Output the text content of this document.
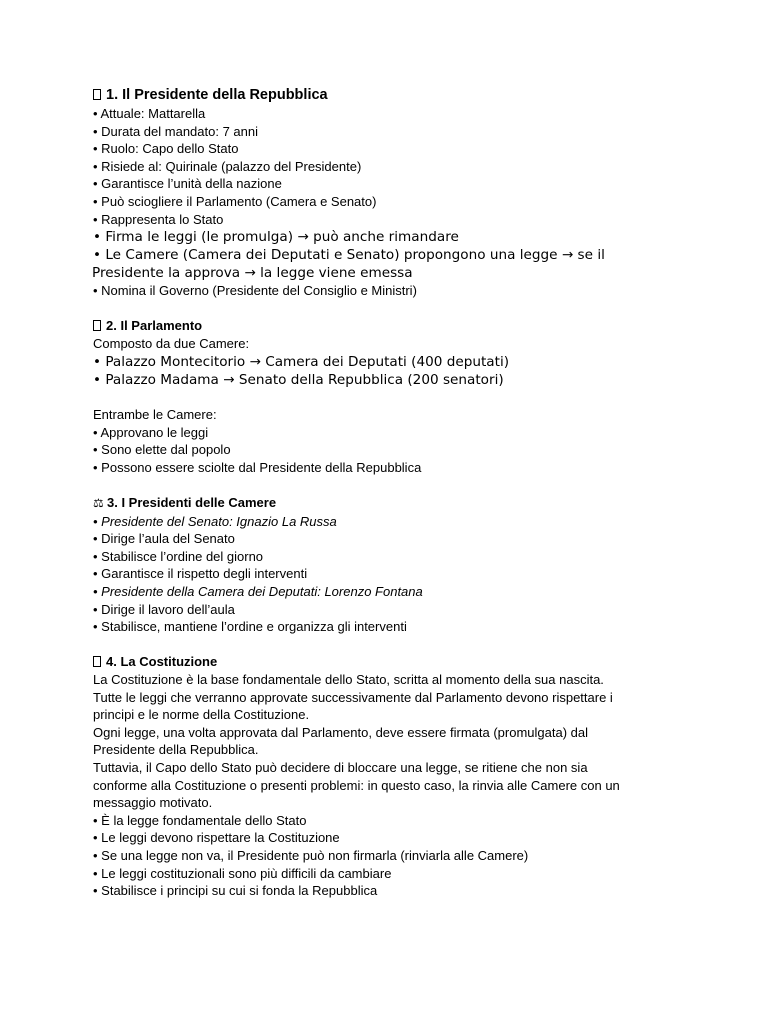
1. Il Presidente della Repubblica
• Attuale: Mattarella
• Durata del mandato: 7 anni
• Ruolo: Capo dello Stato
• Risiede al: Quirinale (palazzo del Presidente)
• Garantisce l’unità della nazione
• Può sciogliere il Parlamento (Camera e Senato)
• Rappresenta lo Stato
• Firma le leggi (le promulga) → può anche rimandare
• Le Camere (Camera dei Deputati e Senato) propongono una legge → se il
Presidente la approva → la legge viene emessa
• Nomina il Governo (Presidente del Consiglio e Ministri)
2. Il Parlamento
Composto da due Camere:
• Palazzo Montecitorio → Camera dei Deputati (400 deputati)
• Palazzo Madama → Senato della Repubblica (200 senatori)
Entrambe le Camere:
• Approvano le leggi
• Sono elette dal popolo
• Possono essere sciolte dal Presidente della Repubblica
⚖ 3. I Presidenti delle Camere
• Presidente del Senato: Ignazio La Russa
• Dirige l’aula del Senato
• Stabilisce l’ordine del giorno
• Garantisce il rispetto degli interventi
• Presidente della Camera dei Deputati: Lorenzo Fontana
• Dirige il lavoro dell’aula
• Stabilisce, mantiene l’ordine e organizza gli interventi
4. La Costituzione
La Costituzione è la base fondamentale dello Stato, scritta al momento della sua nascita.
Tutte le leggi che verranno approvate successivamente dal Parlamento devono rispettare i
principi e le norme della Costituzione.
Ogni legge, una volta approvata dal Parlamento, deve essere firmata (promulgata) dal
Presidente della Repubblica.
Tuttavia, il Capo dello Stato può decidere di bloccare una legge, se ritiene che non sia
conforme alla Costituzione o presenti problemi: in questo caso, la rinvia alle Camere con un
messaggio motivato.
• È la legge fondamentale dello Stato
• Le leggi devono rispettare la Costituzione
• Se una legge non va, il Presidente può non firmarla (rinviarla alle Camere)
• Le leggi costituzionali sono più difficili da cambiare
• Stabilisce i principi su cui si fonda la Repubblica
